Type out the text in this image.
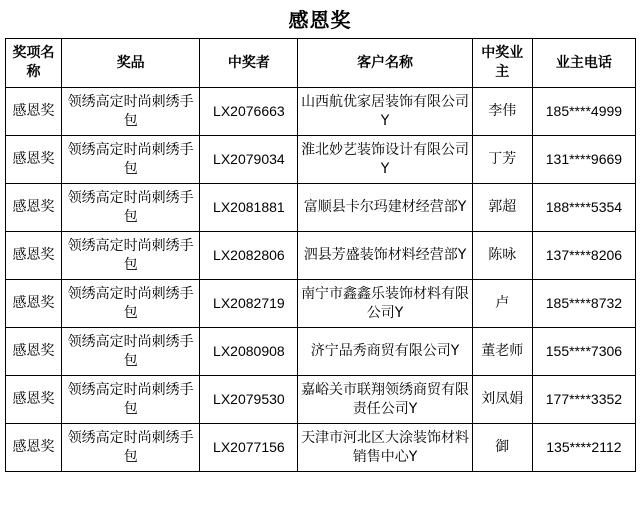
感恩奖
奖项名称	奖品	中奖者	客户名称	中奖业主	业主电话
感恩奖	领绣高定时尚刺绣手包	LX2076663	山西航优家居装饰有限公司Y	李伟	185****4999
感恩奖	领绣高定时尚刺绣手包	LX2079034	淮北妙艺装饰设计有限公司Y	丁芳	131****9669
感恩奖	领绣高定时尚刺绣手包	LX2081881	富顺县卡尔玛建材经营部Y	郭超	188****5354
感恩奖	领绣高定时尚刺绣手包	LX2082806	泗县芳盛装饰材料经营部Y	陈咏	137****8206
感恩奖	领绣高定时尚刺绣手包	LX2082719	南宁市鑫鑫乐装饰材料有限公司Y	卢	185****8732
感恩奖	领绣高定时尚刺绣手包	LX2080908	济宁品秀商贸有限公司Y	董老师	155****7306
感恩奖	领绣高定时尚刺绣手包	LX2079530	嘉峪关市联翔领绣商贸有限责任公司Y	刘凤娟	177****3352
感恩奖	领绣高定时尚刺绣手包	LX2077156	天津市河北区大涂装饰材料销售中心Y	御	135****2112
